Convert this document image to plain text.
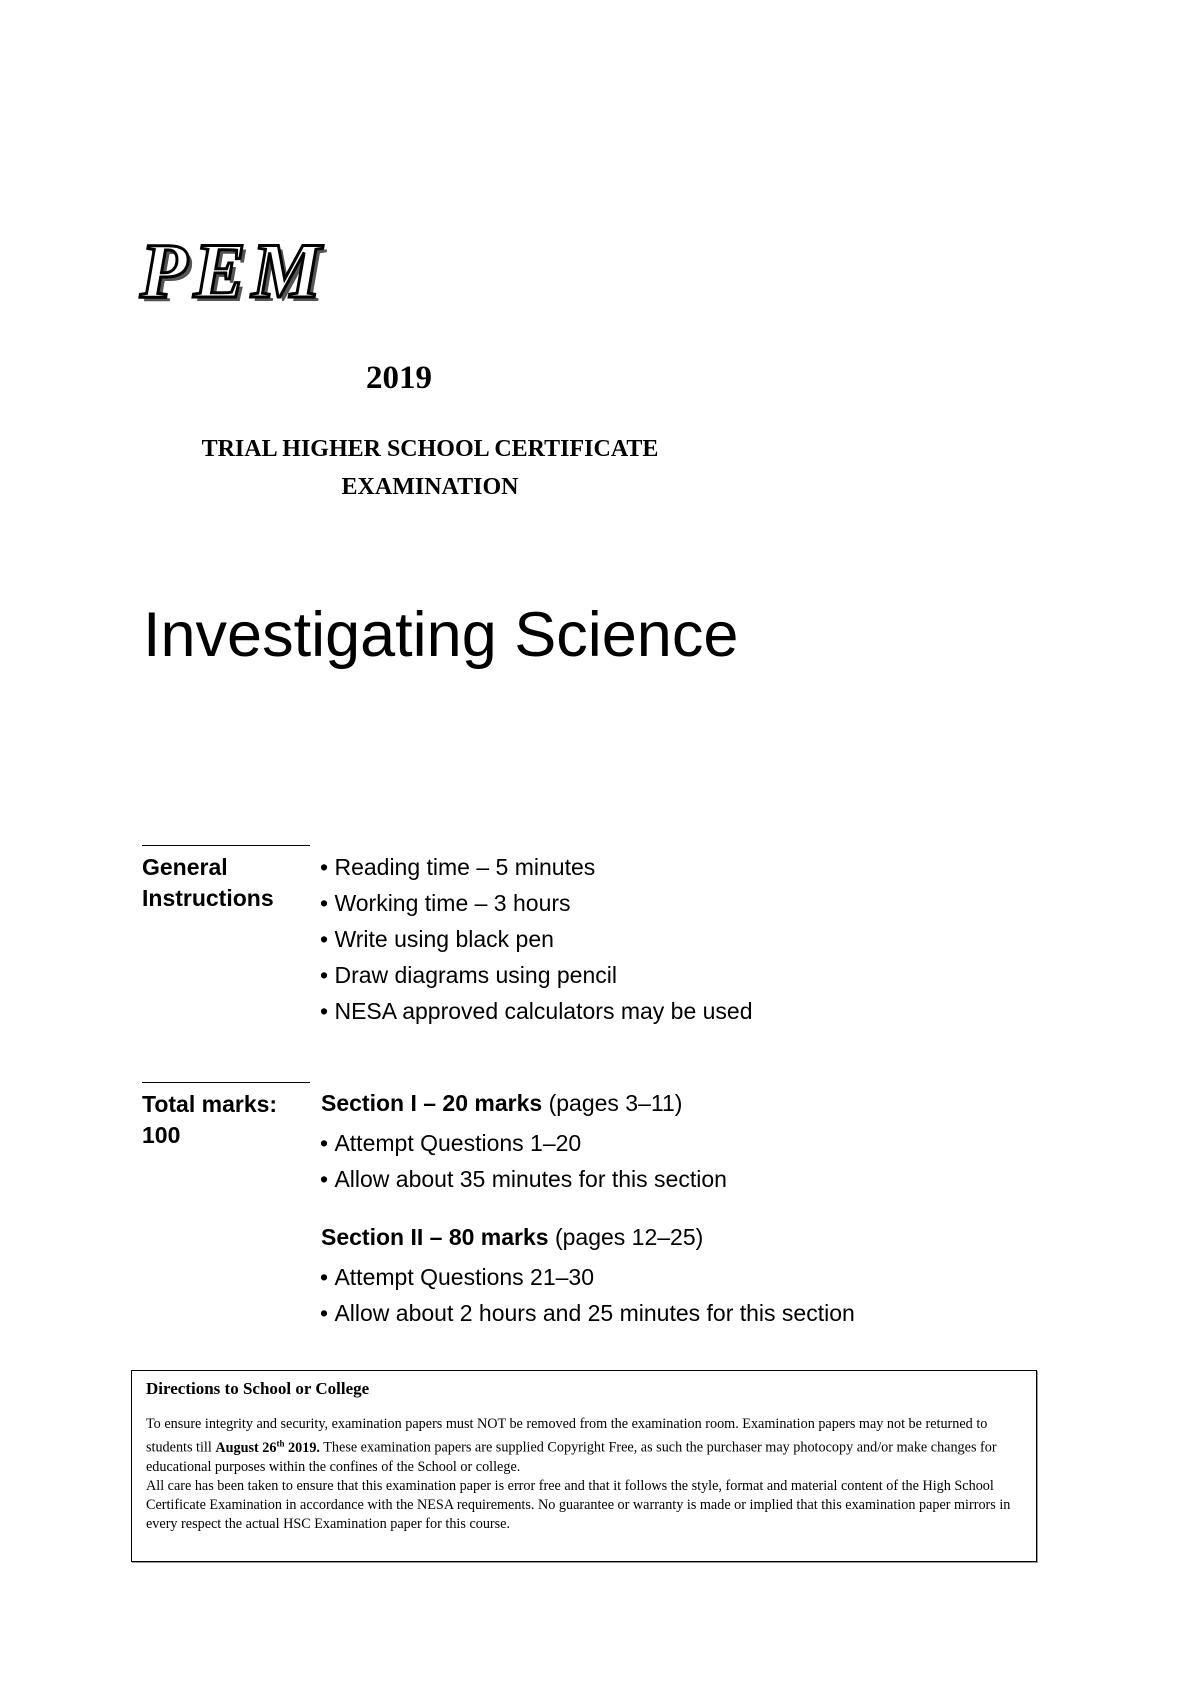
PEM
2019
TRIAL HIGHER SCHOOL CERTIFICATE
EXAMINATION
Investigating Science
General
Instructions
• Reading time – 5 minutes
• Working time – 3 hours
• Write using black pen
• Draw diagrams using pencil
• NESA approved calculators may be used
Total marks:
100
Section I – 20 marks (pages 3–11)
• Attempt Questions 1–20
• Allow about 35 minutes for this section
Section II – 80 marks (pages 12–25)
• Attempt Questions 21–30
• Allow about 2 hours and 25 minutes for this section

Directions to School or College

To ensure integrity and security, examination papers must NOT be removed from the examination room. Examination papers may not be returned to students till August 26th 2019. These examination papers are supplied Copyright Free, as such the purchaser may photocopy and/or make changes for educational purposes within the confines of the School or college.

All care has been taken to ensure that this examination paper is error free and that it follows the style, format and material content of the High School Certificate Examination in accordance with the NESA requirements. No guarantee or warranty is made or implied that this examination paper mirrors in every respect the actual HSC Examination paper for this course.
